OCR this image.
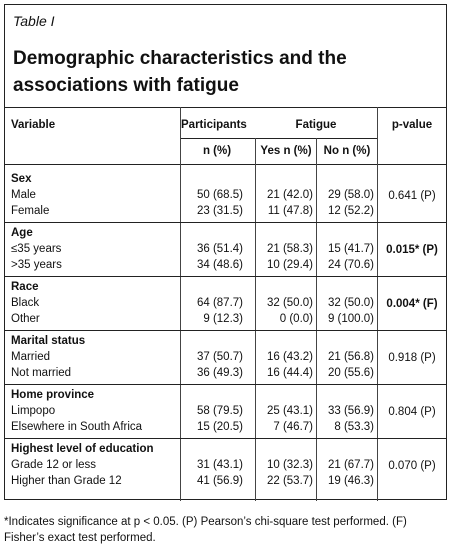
Table I
Demographic characteristics and the associations with fatigue
Variable	Participants	Fatigue	p-value
n (%)	Yes n (%)	No n (%)
Sex
Male	50 (68.5)	21 (42.0)	29 (58.0)
Female	23 (31.5)	11 (47.8)	12 (52.2)
0.641 (P)
Age
≤35 years	36 (51.4)	21 (58.3)	15 (41.7)
>35 years	34 (48.6)	10 (29.4)	24 (70.6)
0.015* (P)
Race
Black	64 (87.7)	32 (50.0)	32 (50.0)
Other	9 (12.3)	0 (0.0)	9 (100.0)
0.004* (F)
Marital status
Married	37 (50.7)	16 (43.2)	21 (56.8)
Not married	36 (49.3)	16 (44.4)	20 (55.6)
0.918 (P)
Home province
Limpopo	58 (79.5)	25 (43.1)	33 (56.9)
Elsewhere in South Africa	15 (20.5)	7 (46.7)	8 (53.3)
0.804 (P)
Highest level of education
Grade 12 or less	31 (43.1)	10 (32.3)	21 (67.7)
Higher than Grade 12	41 (56.9)	22 (53.7)	19 (46.3)
0.070 (P)
*Indicates significance at p < 0.05. (P) Pearson’s chi-square test performed. (F) Fisher’s exact test performed.
